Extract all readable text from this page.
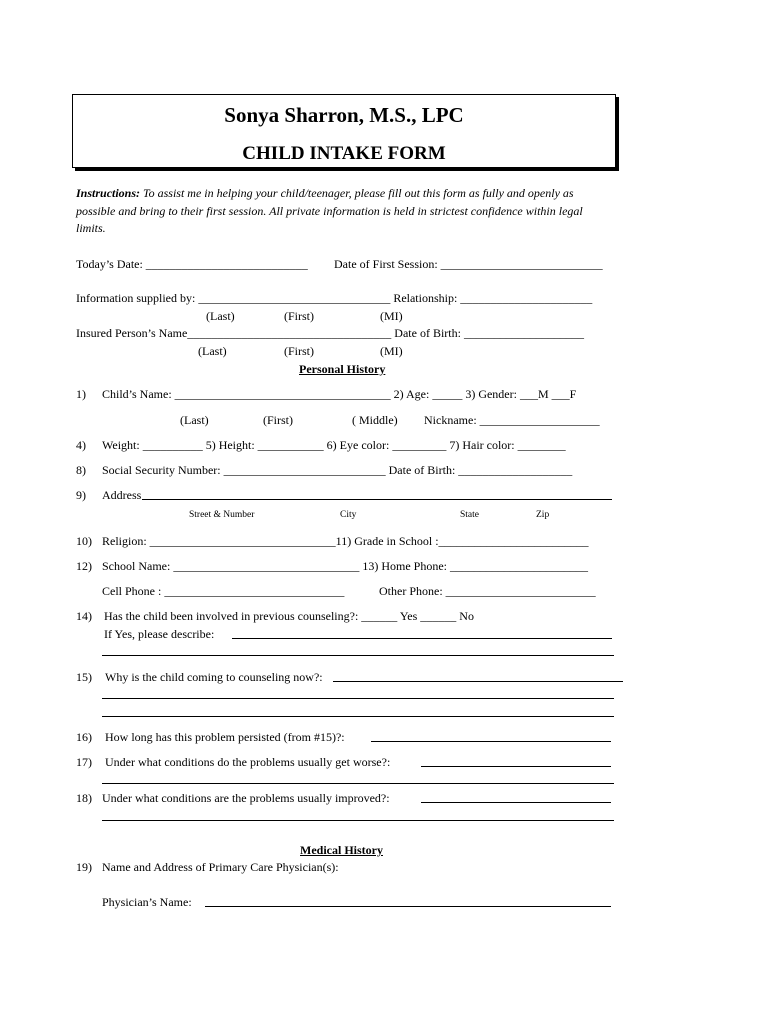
Sonya Sharron, M.S., LPC
CHILD INTAKE FORM
Instructions: To assist me in helping your child/teenager, please fill out this form as fully and openly as
possible and bring to their first session. All private information is held in strictest confidence within legal
limits.
Today’s Date: ___________________________ Date of First Session: ___________________________
Information supplied by: ________________________________ Relationship: ______________________
(Last)	(First)	(MI)
Insured Person’s Name__________________________________ Date of Birth: ____________________
(Last)	(First)	(MI)
Personal History
1) Child’s Name: ____________________________________ 2) Age: _____ 3) Gender: ___M ___F
(Last)	(First)	( Middle) Nickname: ____________________
4) Weight: __________ 5) Height: ___________ 6) Eye color: _________ 7) Hair color: ________
8) Social Security Number: ___________________________ Date of Birth: ___________________
9) Address
Street & Number	City	State	Zip
10) Religion: _______________________________11) Grade in School :_________________________
12) School Name: _______________________________ 13) Home Phone: _______________________
Cell Phone : ______________________________	Other Phone: _________________________
14) Has the child been involved in previous counseling?: ______ Yes ______ No
If Yes, please describe:
15) Why is the child coming to counseling now?:
16) How long has this problem persisted (from #15)?:
17) Under what conditions do the problems usually get worse?:
18) Under what conditions are the problems usually improved?:
Medical History
19) Name and Address of Primary Care Physician(s):
Physician’s Name:
